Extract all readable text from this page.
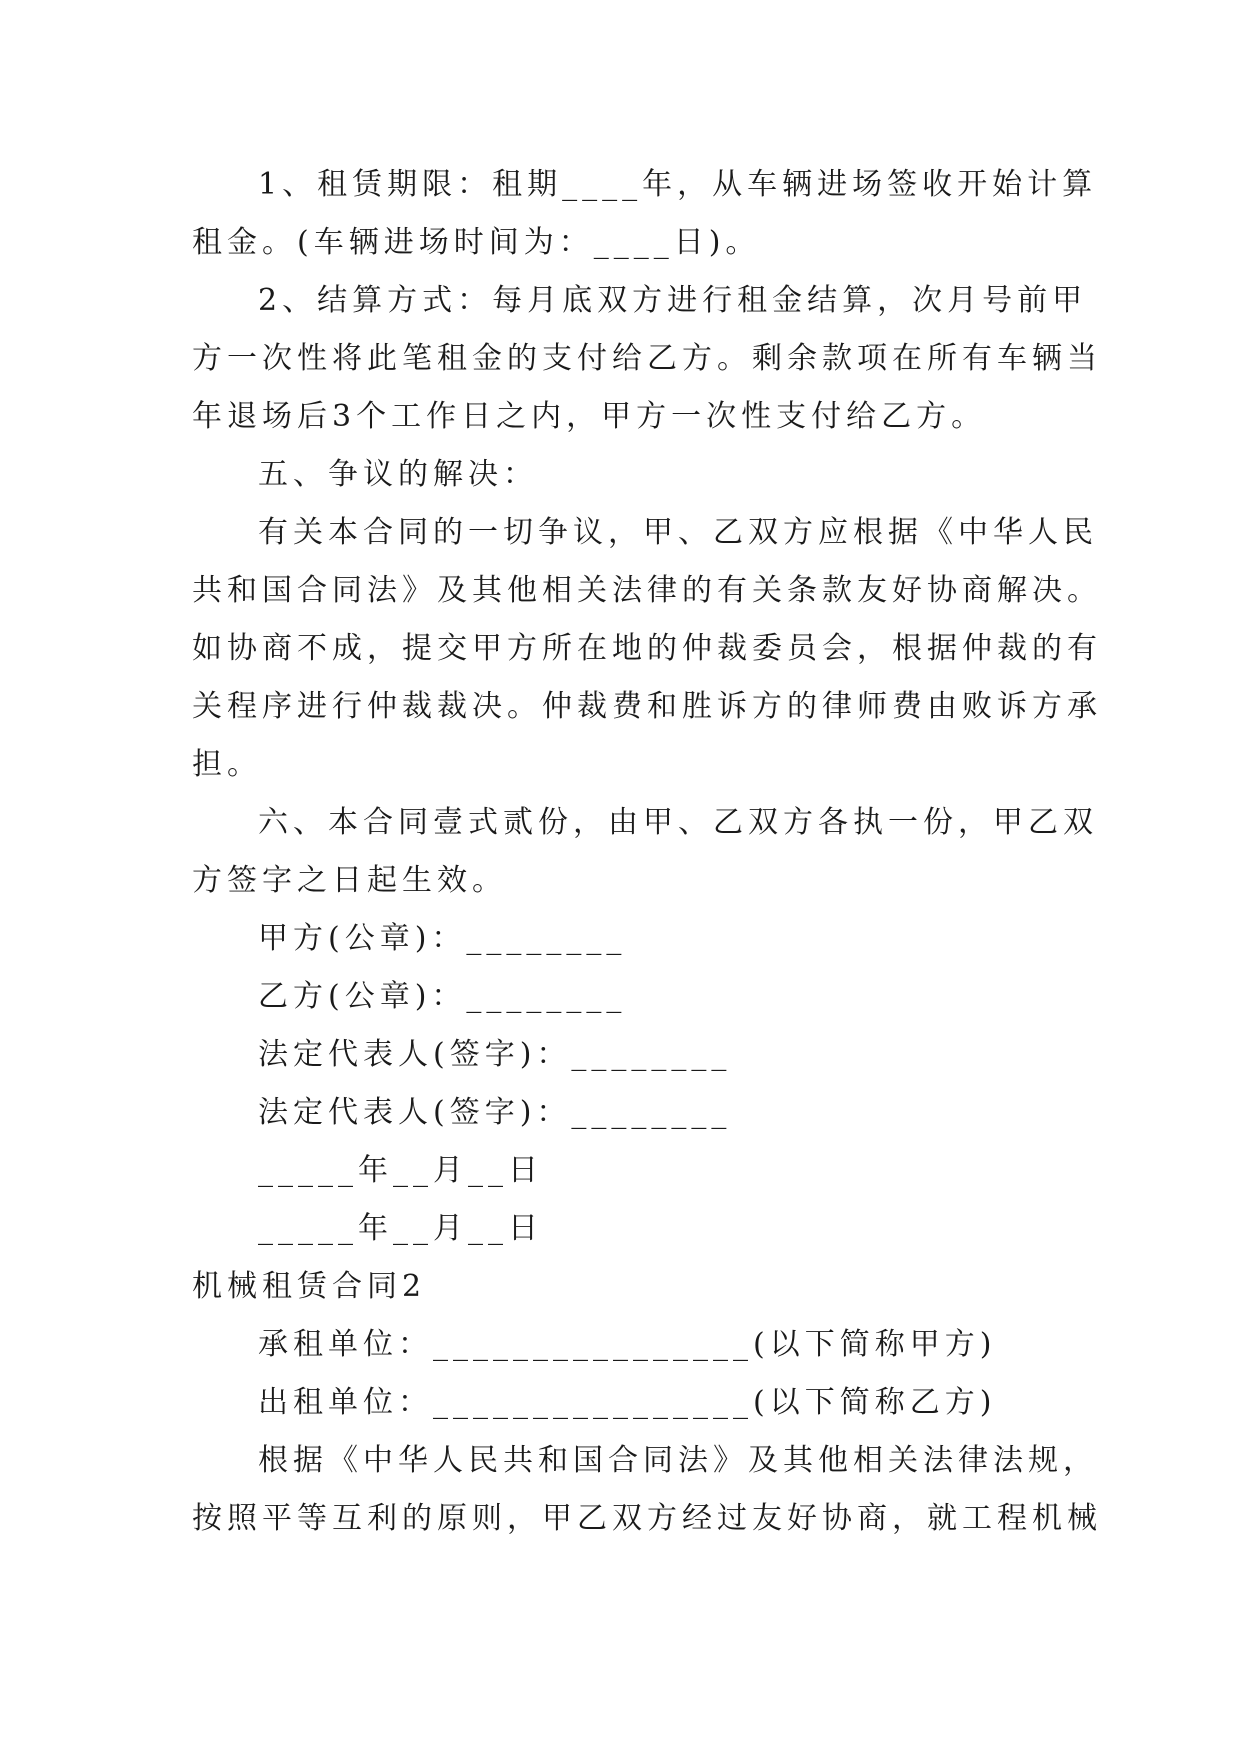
1、租赁期限：租期____年，从车辆进场签收开始计算
租金。(车辆进场时间为：____日)。
2、结算方式：每月底双方进行租金结算，次月号前甲
方一次性将此笔租金的支付给乙方。剩余款项在所有车辆当
年退场后3个工作日之内，甲方一次性支付给乙方。
五、争议的解决：
有关本合同的一切争议，甲、乙双方应根据《中华人民
共和国合同法》及其他相关法律的有关条款友好协商解决。
如协商不成，提交甲方所在地的仲裁委员会，根据仲裁的有
关程序进行仲裁裁决。仲裁费和胜诉方的律师费由败诉方承
担。
六、本合同壹式贰份，由甲、乙双方各执一份，甲乙双
方签字之日起生效。
甲方(公章)：________
乙方(公章)：________
法定代表人(签字)：________
法定代表人(签字)：________
_____年__月__日
_____年__月__日
机械租赁合同2
承租单位：________________(以下简称甲方)
出租单位：________________(以下简称乙方)
根据《中华人民共和国合同法》及其他相关法律法规，
按照平等互利的原则，甲乙双方经过友好协商，就工程机械
